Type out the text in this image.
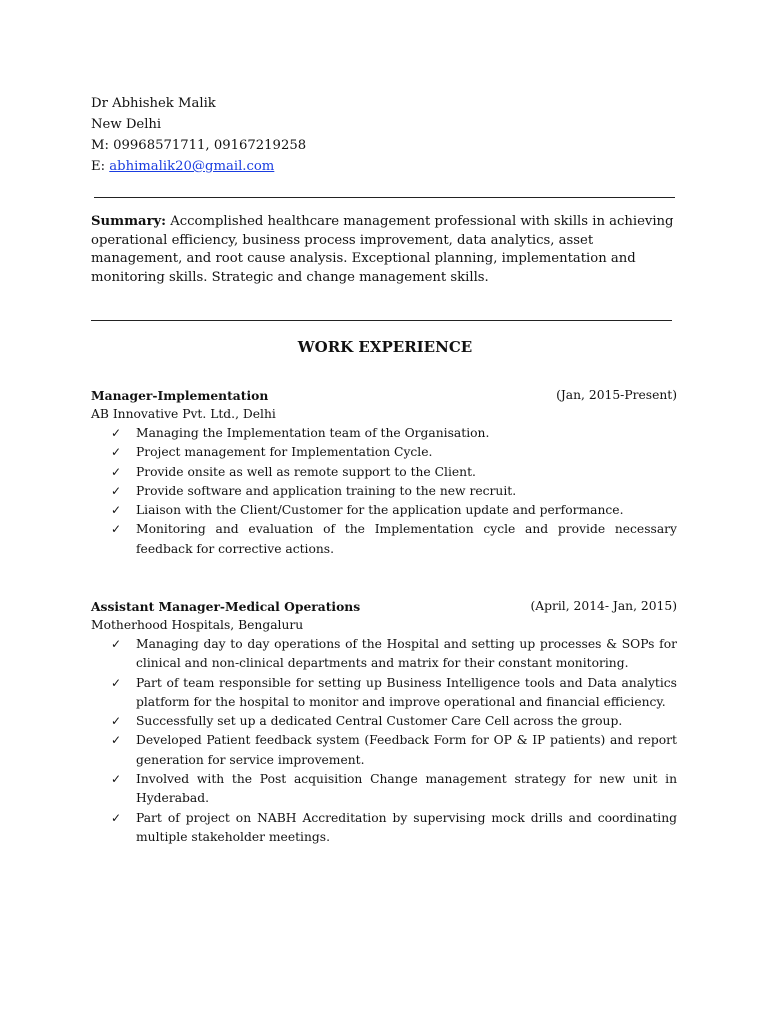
Dr Abhishek Malik
New Delhi
M: 09968571711, 09167219258
E: abhimalik20@gmail.com
Summary: Accomplished healthcare management professional with skills in achieving operational efficiency, business process improvement, data analytics, asset management, and root cause analysis. Exceptional planning, implementation and monitoring skills. Strategic and change management skills.
WORK EXPERIENCE
Manager-Implementation	(Jan, 2015-Present)
AB Innovative Pvt. Ltd., Delhi
✓ Managing the Implementation team of the Organisation.
✓ Project management for Implementation Cycle.
✓ Provide onsite as well as remote support to the Client.
✓ Provide software and application training to the new recruit.
✓ Liaison with the Client/Customer for the application update and performance.
✓ Monitoring and evaluation of the Implementation cycle and provide necessary feedback for corrective actions.
Assistant Manager-Medical Operations	(April, 2014- Jan, 2015)
Motherhood Hospitals, Bengaluru
✓ Managing day to day operations of the Hospital and setting up processes & SOPs for clinical and non-clinical departments and matrix for their constant monitoring.
✓ Part of team responsible for setting up Business Intelligence tools and Data analytics platform for the hospital to monitor and improve operational and financial efficiency.
✓ Successfully set up a dedicated Central Customer Care Cell across the group.
✓ Developed Patient feedback system (Feedback Form for OP & IP patients) and report generation for service improvement.
✓ Involved with the Post acquisition Change management strategy for new unit in Hyderabad.
✓ Part of project on NABH Accreditation by supervising mock drills and coordinating multiple stakeholder meetings.
